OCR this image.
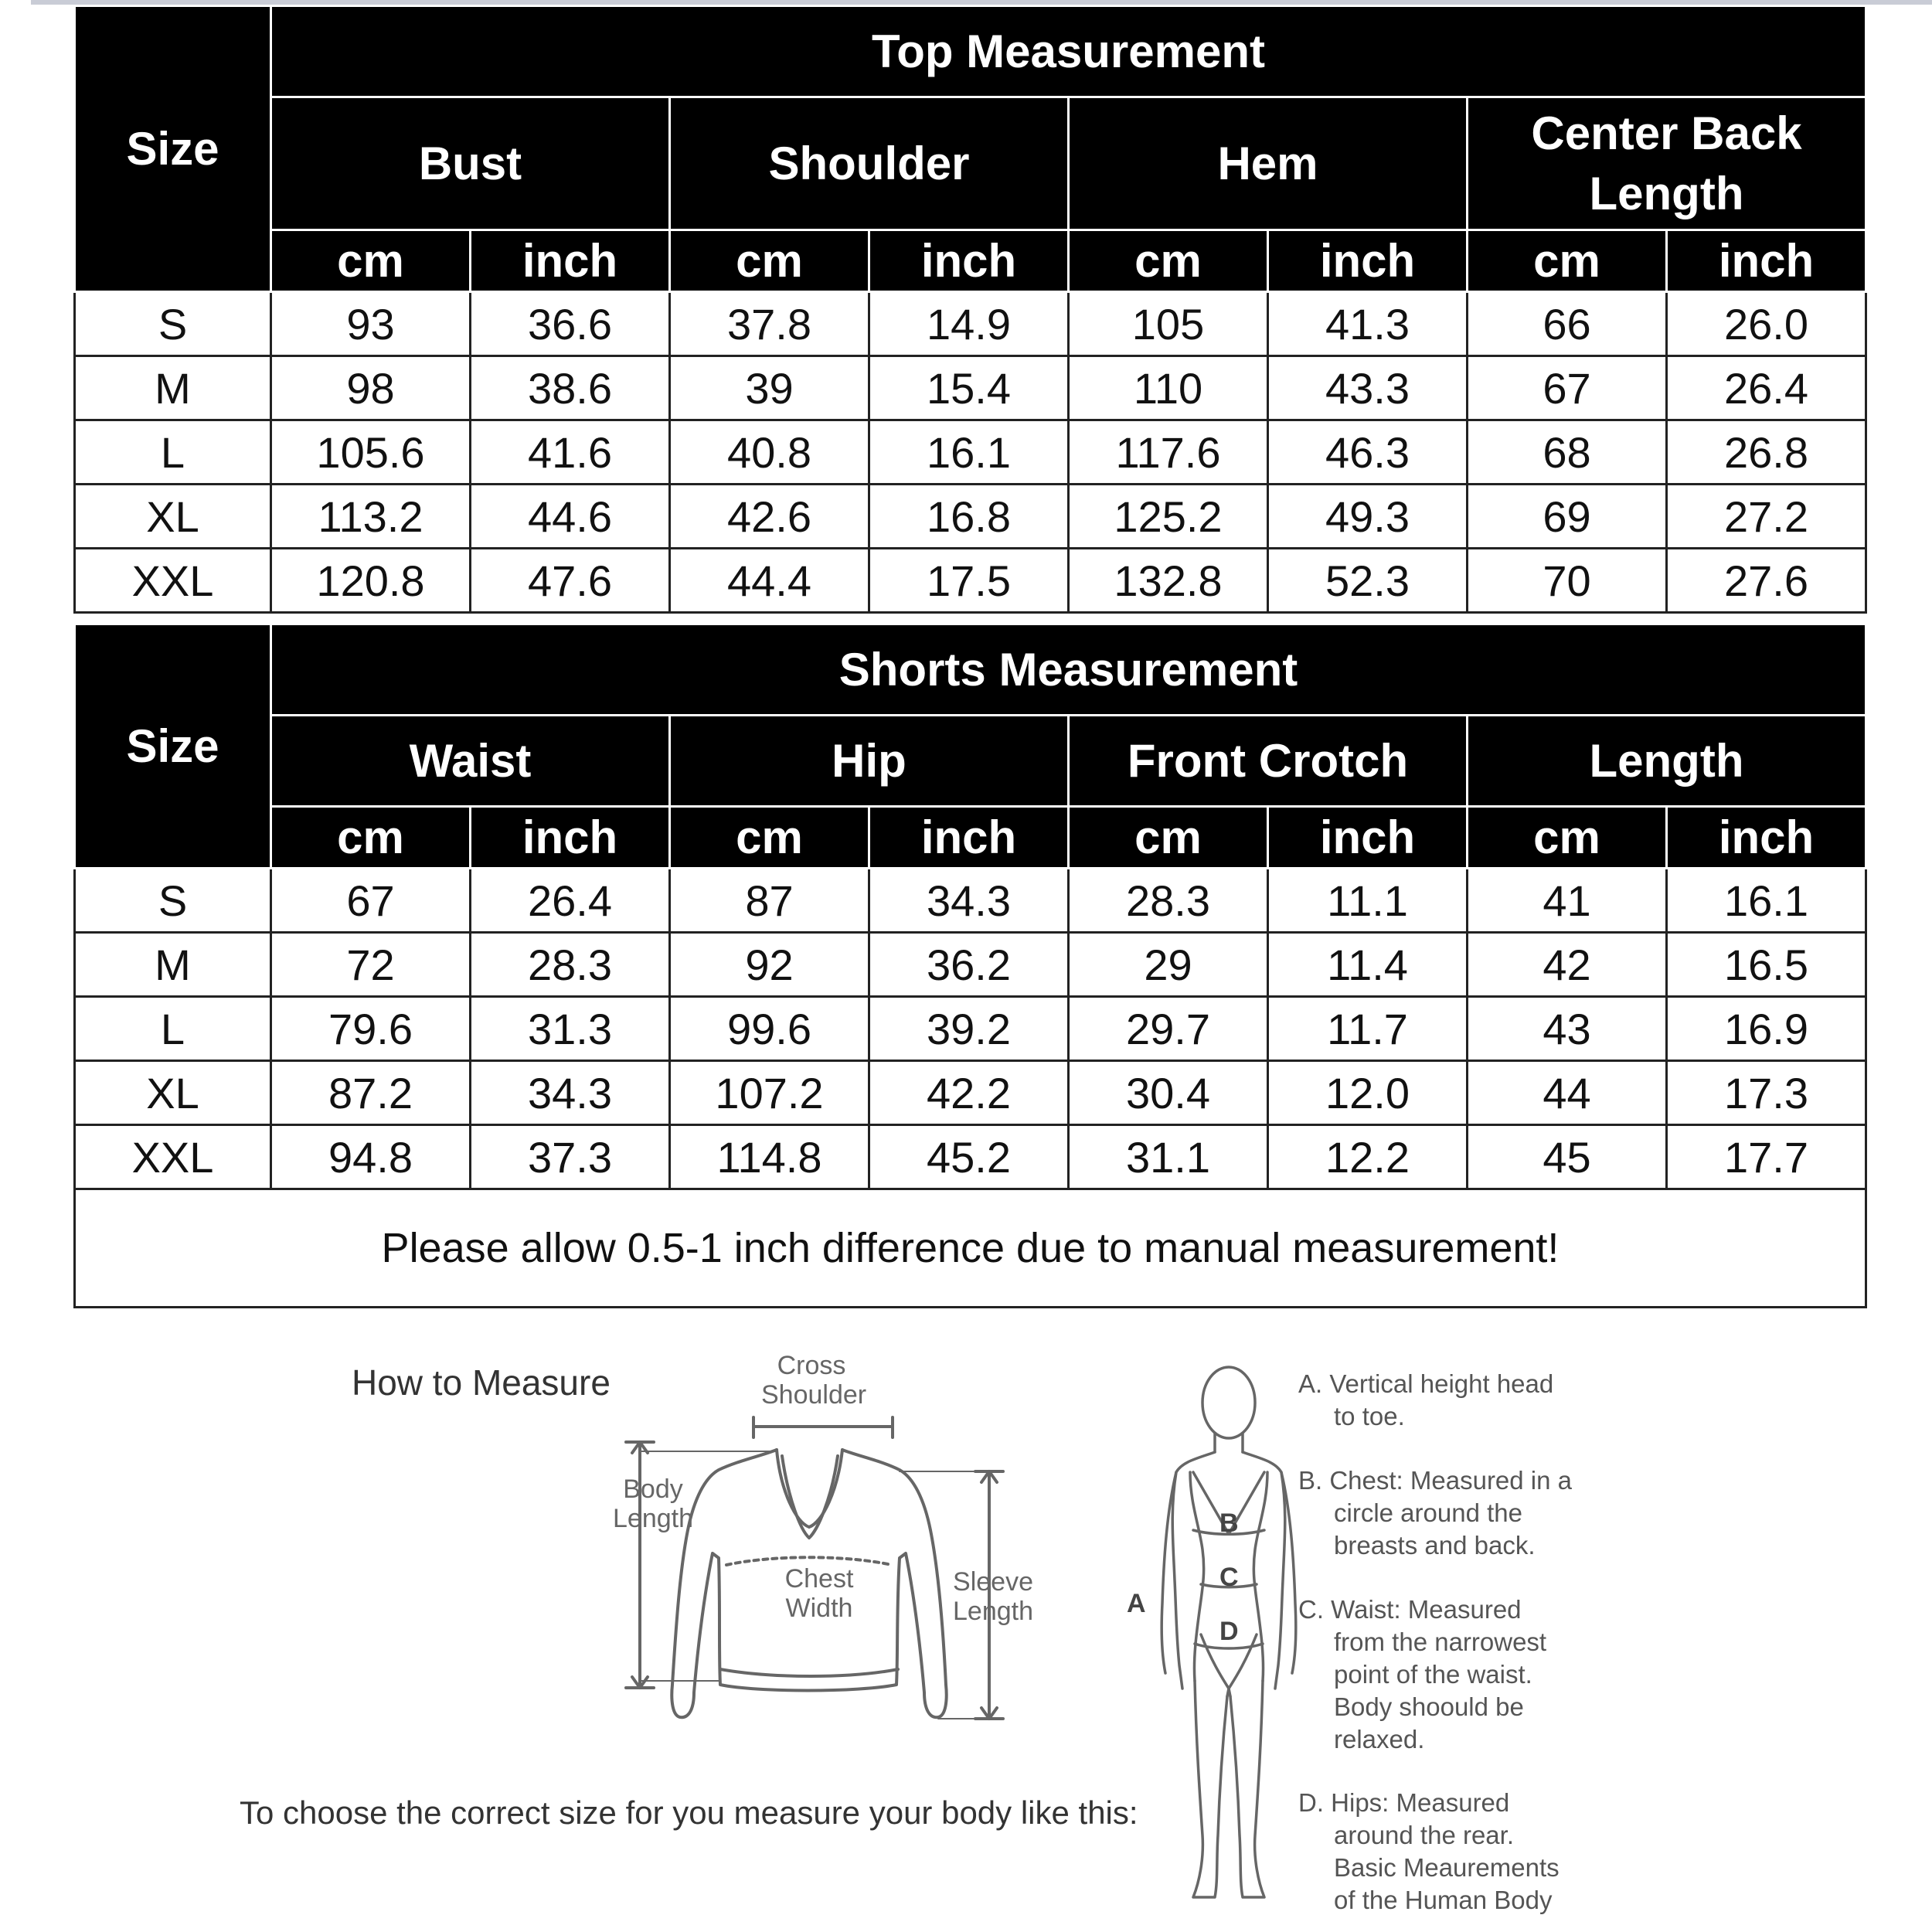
Size	Top Measurement							
	Bust		Shoulder		Hem		Center Back Length	
	cm	inch	cm	inch	cm	inch	cm	inch
S	93	36.6	37.8	14.9	105	41.3	66	26.0
M	98	38.6	39	15.4	110	43.3	67	26.4
L	105.6	41.6	40.8	16.1	117.6	46.3	68	26.8
XL	113.2	44.6	42.6	16.8	125.2	49.3	69	27.2
XXL	120.8	47.6	44.4	17.5	132.8	52.3	70	27.6
Size	Shorts Measurement							
	Waist		Hip		Front Crotch		Length	
	cm	inch	cm	inch	cm	inch	cm	inch
S	67	26.4	87	34.3	28.3	11.1	41	16.1
M	72	28.3	92	36.2	29	11.4	42	16.5
L	79.6	31.3	99.6	39.2	29.7	11.7	43	16.9
XL	87.2	34.3	107.2	42.2	30.4	12.0	44	17.3
XXL	94.8	37.3	114.8	45.2	31.1	12.2	45	17.7
Please allow 0.5-1 inch difference due to manual measurement!								
How to Measure
To choose the correct size for you measure your body like this:
Cross
Shoulder
Body
Length
Chest
Width
Sleeve
Length	A
B
C
D
A. Vertical height head
to toe.
B. Chest: Measured in a
circle around the
breasts and back.
C. Waist: Measured
from the narrowest
point of the waist.
Body shoould be
relaxed.
D. Hips: Measured
around the rear.
Basic Meaurements
of the Human Body
